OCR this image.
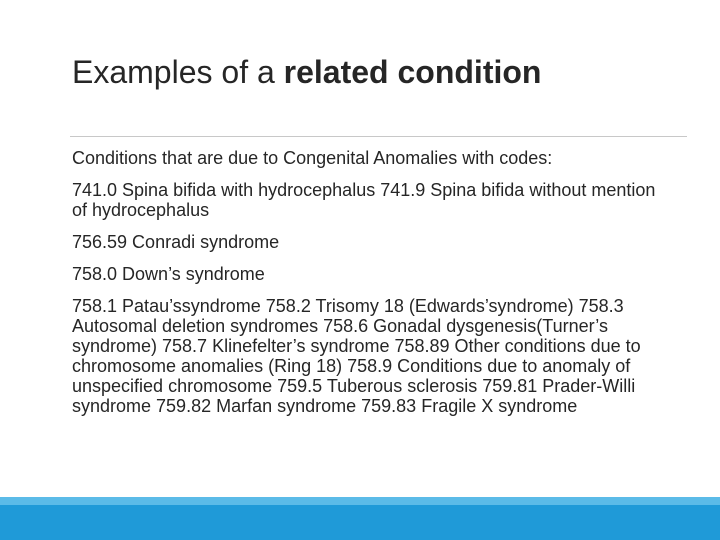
Examples of a related condition

Conditions that are due to Congenital Anomalies with codes:

741.0 Spina bifida with hydrocephalus 741.9 Spina bifida without mention of hydrocephalus

756.59 Conradi syndrome

758.0 Down’s syndrome

758.1 Patau’ssyndrome 758.2 Trisomy 18 (Edwards’syndrome) 758.3 Autosomal deletion syndromes 758.6 Gonadal dysgenesis(Turner’s syndrome) 758.7 Klinefelter’s syndrome 758.89 Other conditions due to chromosome anomalies (Ring 18) 758.9 Conditions due to anomaly of unspecified chromosome 759.5 Tuberous sclerosis 759.81 Prader-Willi syndrome 759.82 Marfan syndrome 759.83 Fragile X syndrome
